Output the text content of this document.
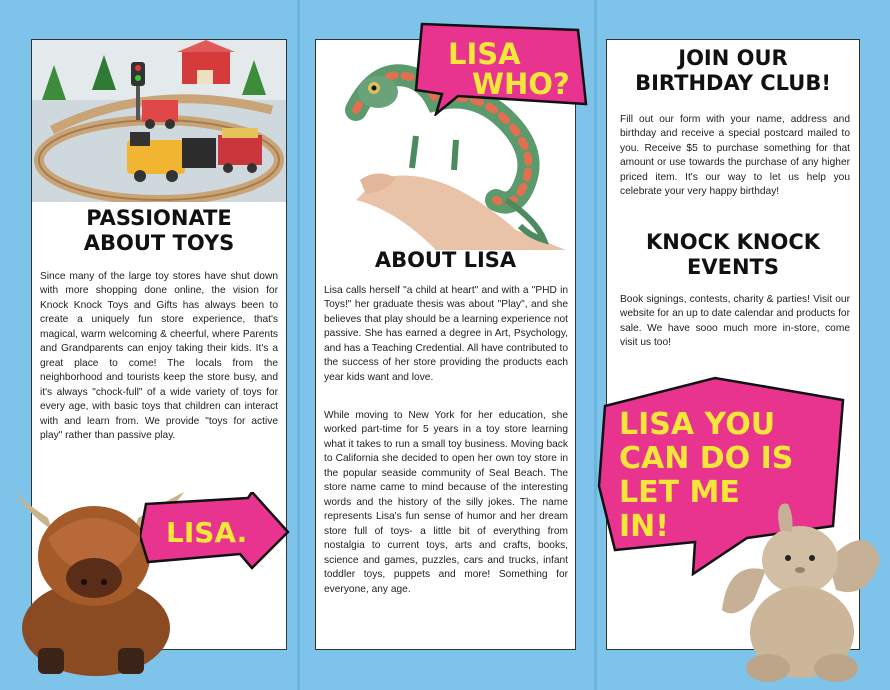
PASSIONATE
ABOUT TOYS
Since many of the large toy stores have shut down with more shopping done online, the vision for Knock Knock Toys and Gifts has always been to create a uniquely fun store experience, that's magical, warm welcoming & cheerful, where Parents and Grandparents can enjoy taking their kids. It's a great place to come! The locals from the neighborhood and tourists keep the store busy, and it's always "chock-full" of a wide variety of toys for every age, with basic toys that children can interact with and learn from. We provide "toys for active play" rather than passive play.
LISA.
ABOUT LISA
Lisa calls herself "a child at heart" and with a "PHD in Toys!" her graduate thesis was about "Play", and she believes that play should be a learning experience not passive. She has earned a degree in Art, Psychology, and has a Teaching Credential. All have contributed to the success of her store providing the products each year kids want and love.
While moving to New York for her education, she worked part-time for 5 years in a toy store learning what it takes to run a small toy business. Moving back to California she decided to open her own toy store in the popular seaside community of Seal Beach. The store name came to mind because of the interesting words and the history of the silly jokes. The name represents Lisa's fun sense of humor and her dream store full of toys- a little bit of everything from nostalgia to current toys, arts and crafts, books, science and games, puzzles, cars and trucks, infant toddler toys, puppets and more! Something for everyone, any age.
LISA
WHO?
JOIN OUR
BIRTHDAY CLUB!
Fill out our form with your name, address and birthday and receive a special postcard mailed to you. Receive $5 to purchase something for that amount or use towards the purchase of any higher priced item. It's our way to let us help you celebrate your very happy birthday!
KNOCK KNOCK
EVENTS
Book signings, contests, charity & parties! Visit our website for an up to date calendar and products for sale. We have sooo much more in-store, come visit us too!
LISA YOU
CAN DO IS
LET ME
IN!
